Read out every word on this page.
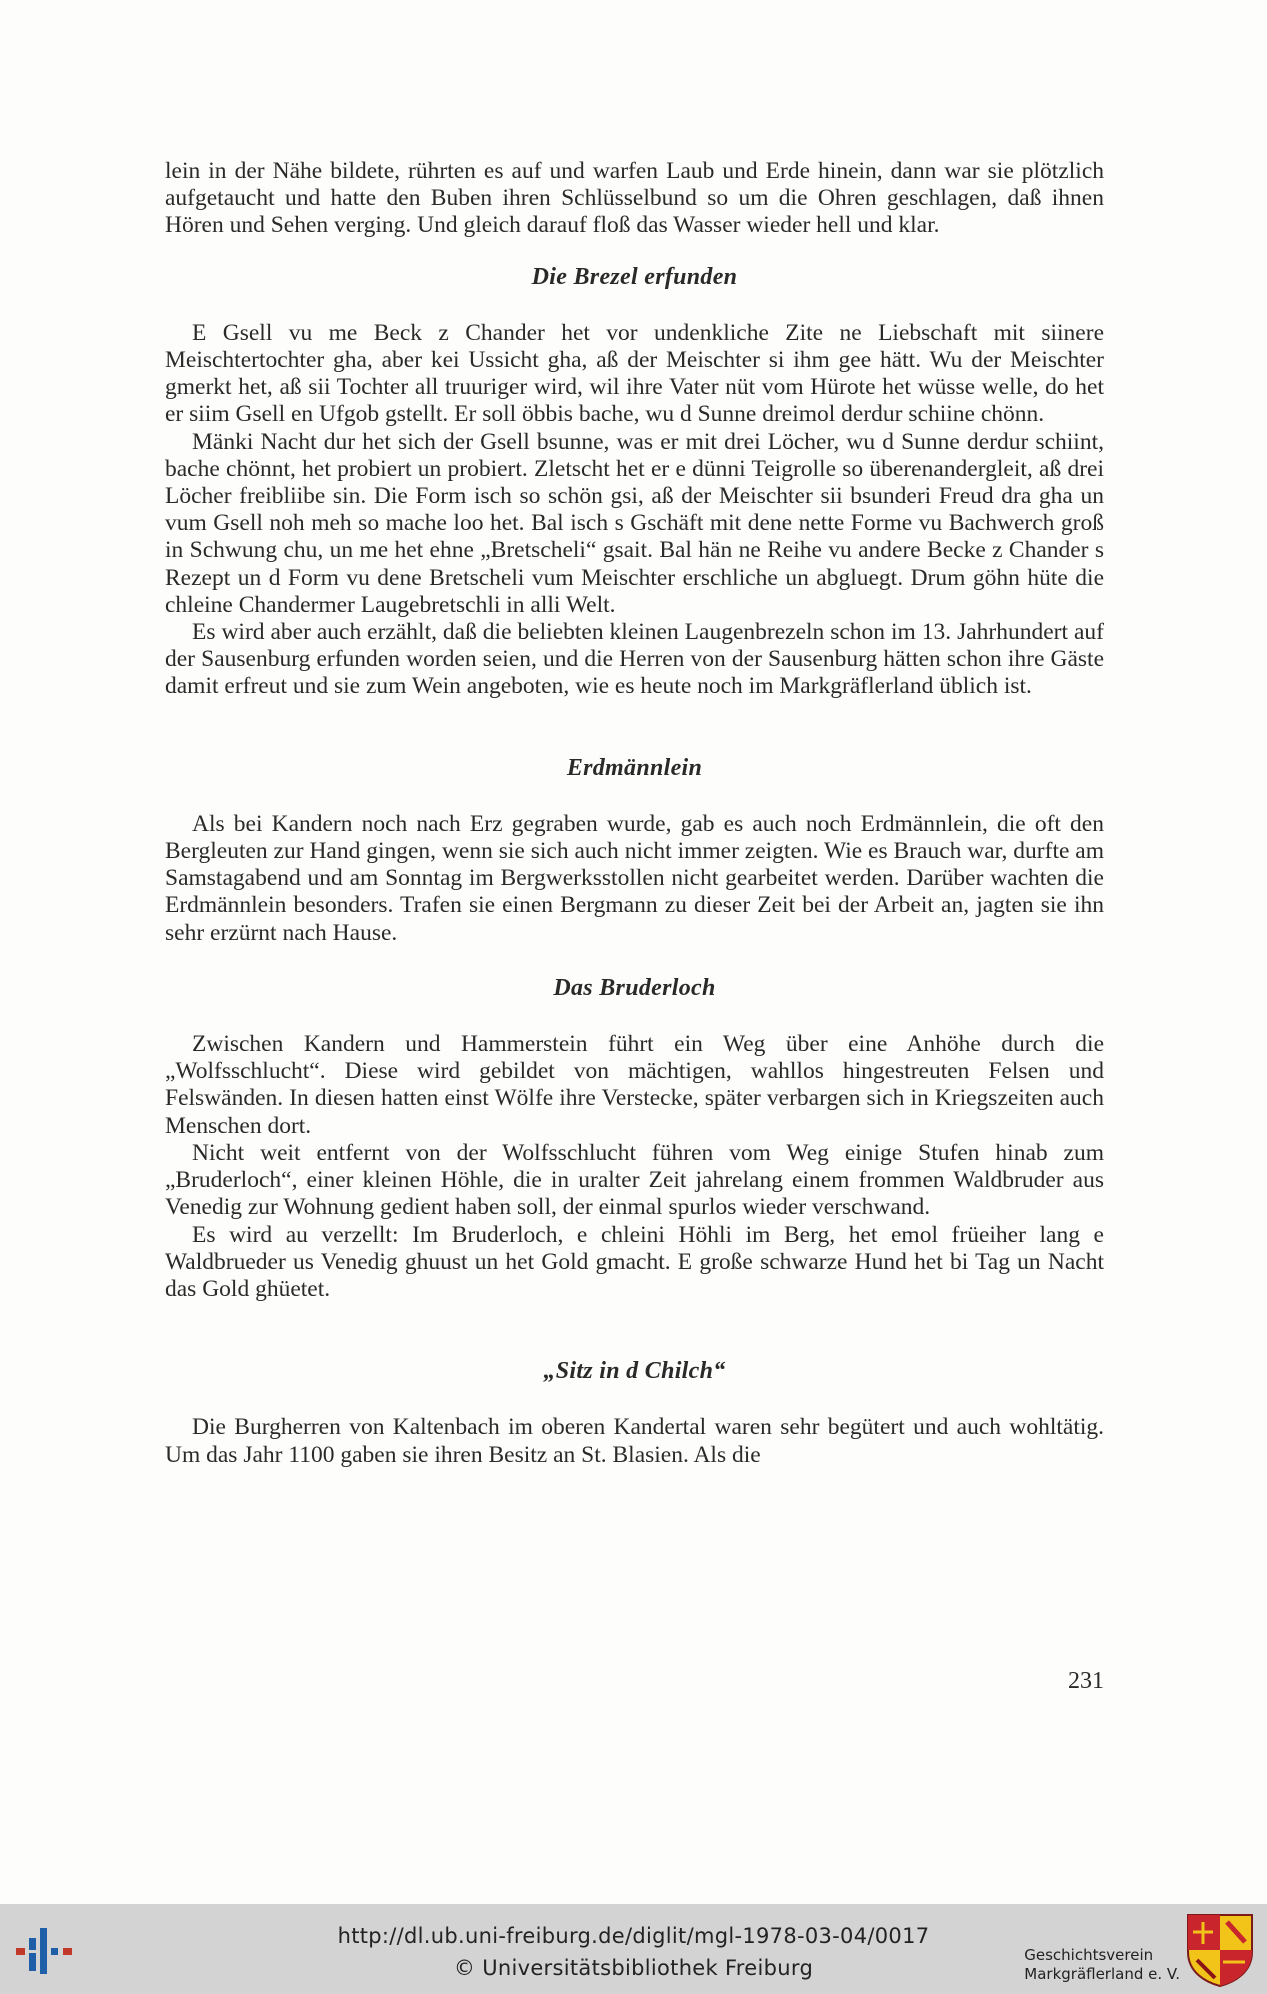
lein in der Nähe bildete, rührten es auf und warfen Laub und Erde hinein, dann war sie plötzlich aufgetaucht und hatte den Buben ihren Schlüsselbund so um die Ohren geschlagen, daß ihnen Hören und Sehen verging. Und gleich darauf floß das Wasser wieder hell und klar.

Die Brezel erfunden

E Gsell vu me Beck z Chander het vor undenkliche Zite ne Liebschaft mit siinere Meischtertochter gha, aber kei Ussicht gha, aß der Meischter si ihm gee hätt. Wu der Meischter gmerkt het, aß sii Tochter all truuriger wird, wil ihre Vater nüt vom Hürote het wüsse welle, do het er siim Gsell en Ufgob gstellt. Er soll öbbis bache, wu d Sunne dreimol derdur schiine chönn.

Mänki Nacht dur het sich der Gsell bsunne, was er mit drei Löcher, wu d Sunne derdur schiint, bache chönnt, het probiert un probiert. Zletscht het er e dünni Teigrolle so überenandergleit, aß drei Löcher freibliibe sin. Die Form isch so schön gsi, aß der Meischter sii bsunderi Freud dra gha un vum Gsell noh meh so mache loo het. Bal isch s Gschäft mit dene nette Forme vu Bachwerch groß in Schwung chu, un me het ehne „Bretscheli“ gsait. Bal hän ne Reihe vu andere Becke z Chander s Rezept un d Form vu dene Bretscheli vum Meischter erschliche un abgluegt. Drum göhn hüte die chleine Chandermer Laugebretschli in alli Welt.

Es wird aber auch erzählt, daß die beliebten kleinen Laugenbrezeln schon im 13. Jahrhundert auf der Sausenburg erfunden worden seien, und die Herren von der Sausenburg hätten schon ihre Gäste damit erfreut und sie zum Wein angeboten, wie es heute noch im Markgräflerland üblich ist.

Erdmännlein

Als bei Kandern noch nach Erz gegraben wurde, gab es auch noch Erdmännlein, die oft den Bergleuten zur Hand gingen, wenn sie sich auch nicht immer zeigten. Wie es Brauch war, durfte am Samstagabend und am Sonntag im Bergwerksstollen nicht gearbeitet werden. Darüber wachten die Erdmännlein besonders. Trafen sie einen Bergmann zu dieser Zeit bei der Arbeit an, jagten sie ihn sehr erzürnt nach Hause.

Das Bruderloch

Zwischen Kandern und Hammerstein führt ein Weg über eine Anhöhe durch die „Wolfsschlucht“. Diese wird gebildet von mächtigen, wahllos hingestreuten Felsen und Felswänden. In diesen hatten einst Wölfe ihre Verstecke, später verbargen sich in Kriegszeiten auch Menschen dort.

Nicht weit entfernt von der Wolfsschlucht führen vom Weg einige Stufen hinab zum „Bruderloch“, einer kleinen Höhle, die in uralter Zeit jahrelang einem frommen Waldbruder aus Venedig zur Wohnung gedient haben soll, der einmal spurlos wieder verschwand.

Es wird au verzellt: Im Bruderloch, e chleini Höhli im Berg, het emol früeiher lang e Waldbrueder us Venedig ghuust un het Gold gmacht. E große schwarze Hund het bi Tag un Nacht das Gold ghüetet.

„Sitz in d Chilch“

Die Burgherren von Kaltenbach im oberen Kandertal waren sehr begütert und auch wohltätig. Um das Jahr 1100 gaben sie ihren Besitz an St. Blasien. Als die

231
http://dl.ub.uni-freiburg.de/diglit/mgl-1978-03-04/0017
© Universitätsbibliothek Freiburg
Geschichtsverein
Markgräflerland e. V.
